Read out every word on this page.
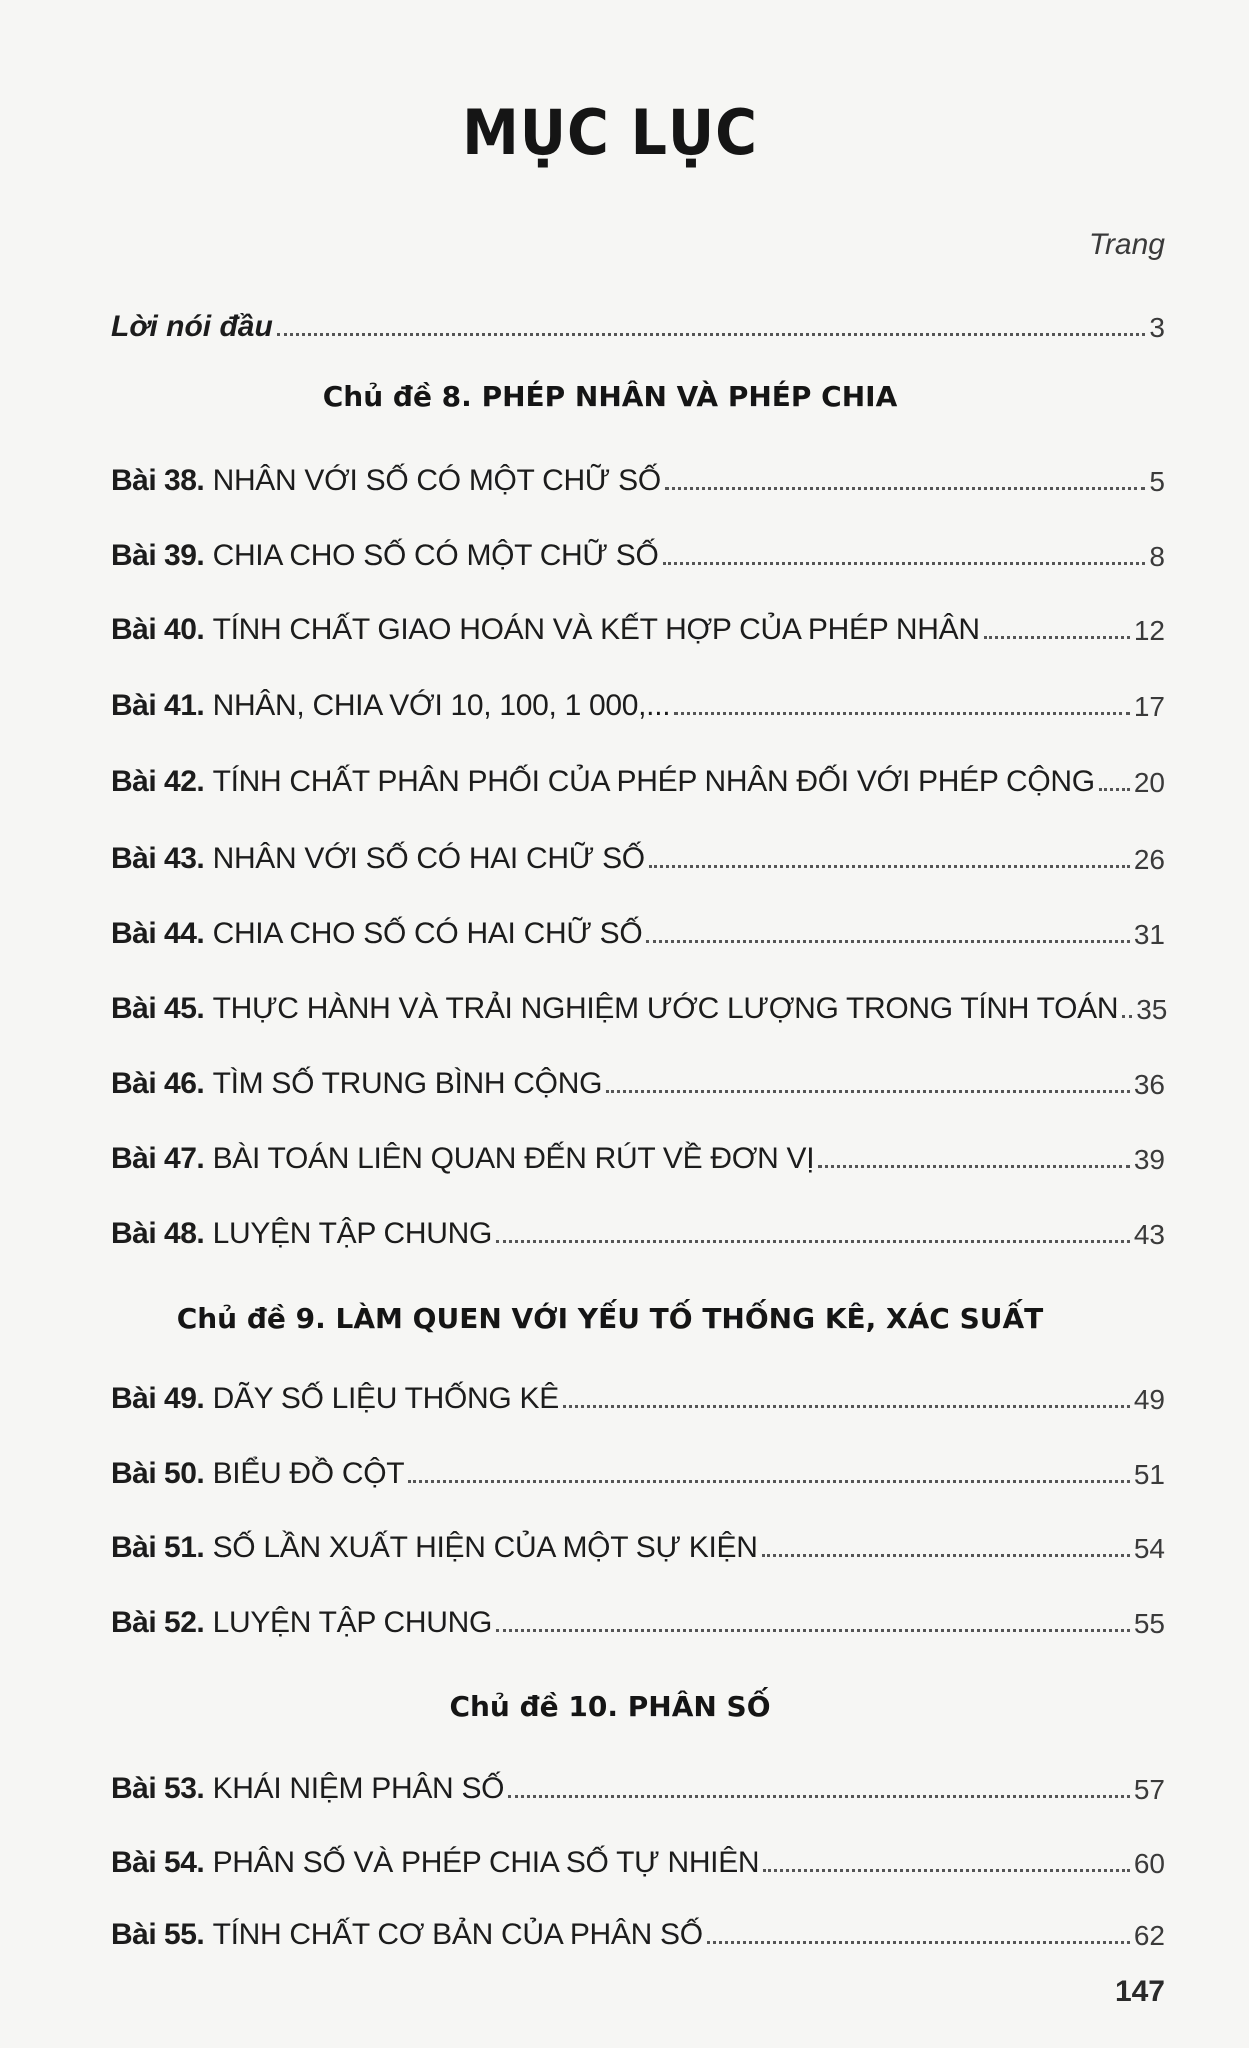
MỤC LỤC
Trang
Lời nói đầu	3
Chủ đề 8. PHÉP NHÂN VÀ PHÉP CHIA
Bài 38. NHÂN VỚI SỐ CÓ MỘT CHỮ SỐ	5
Bài 39. CHIA CHO SỐ CÓ MỘT CHỮ SỐ	8
Bài 40. TÍNH CHẤT GIAO HOÁN VÀ KẾT HỢP CỦA PHÉP NHÂN	12
Bài 41. NHÂN, CHIA VỚI 10, 100, 1 000,...	17
Bài 42. TÍNH CHẤT PHÂN PHỐI CỦA PHÉP NHÂN ĐỐI VỚI PHÉP CỘNG 20
Bài 43. NHÂN VỚI SỐ CÓ HAI CHỮ SỐ	26
Bài 44. CHIA CHO SỐ CÓ HAI CHỮ SỐ	31
Bài 45. THỰC HÀNH VÀ TRẢI NGHIỆM ƯỚC LƯỢNG TRONG TÍNH TOÁN 35
Bài 46. TÌM SỐ TRUNG BÌNH CỘNG	36
Bài 47. BÀI TOÁN LIÊN QUAN ĐẾN RÚT VỀ ĐƠN VỊ	39
Bài 48. LUYỆN TẬP CHUNG	43
Chủ đề 9. LÀM QUEN VỚI YẾU TỐ THỐNG KÊ, XÁC SUẤT
Bài 49. DÃY SỐ LIỆU THỐNG KÊ	49
Bài 50. BIỂU ĐỒ CỘT	51
Bài 51. SỐ LẦN XUẤT HIỆN CỦA MỘT SỰ KIỆN	54
Bài 52. LUYỆN TẬP CHUNG	55
Chủ đề 10. PHÂN SỐ
Bài 53. KHÁI NIỆM PHÂN SỐ	57
Bài 54. PHÂN SỐ VÀ PHÉP CHIA SỐ TỰ NHIÊN	60
Bài 55. TÍNH CHẤT CƠ BẢN CỦA PHÂN SỐ	62
147
